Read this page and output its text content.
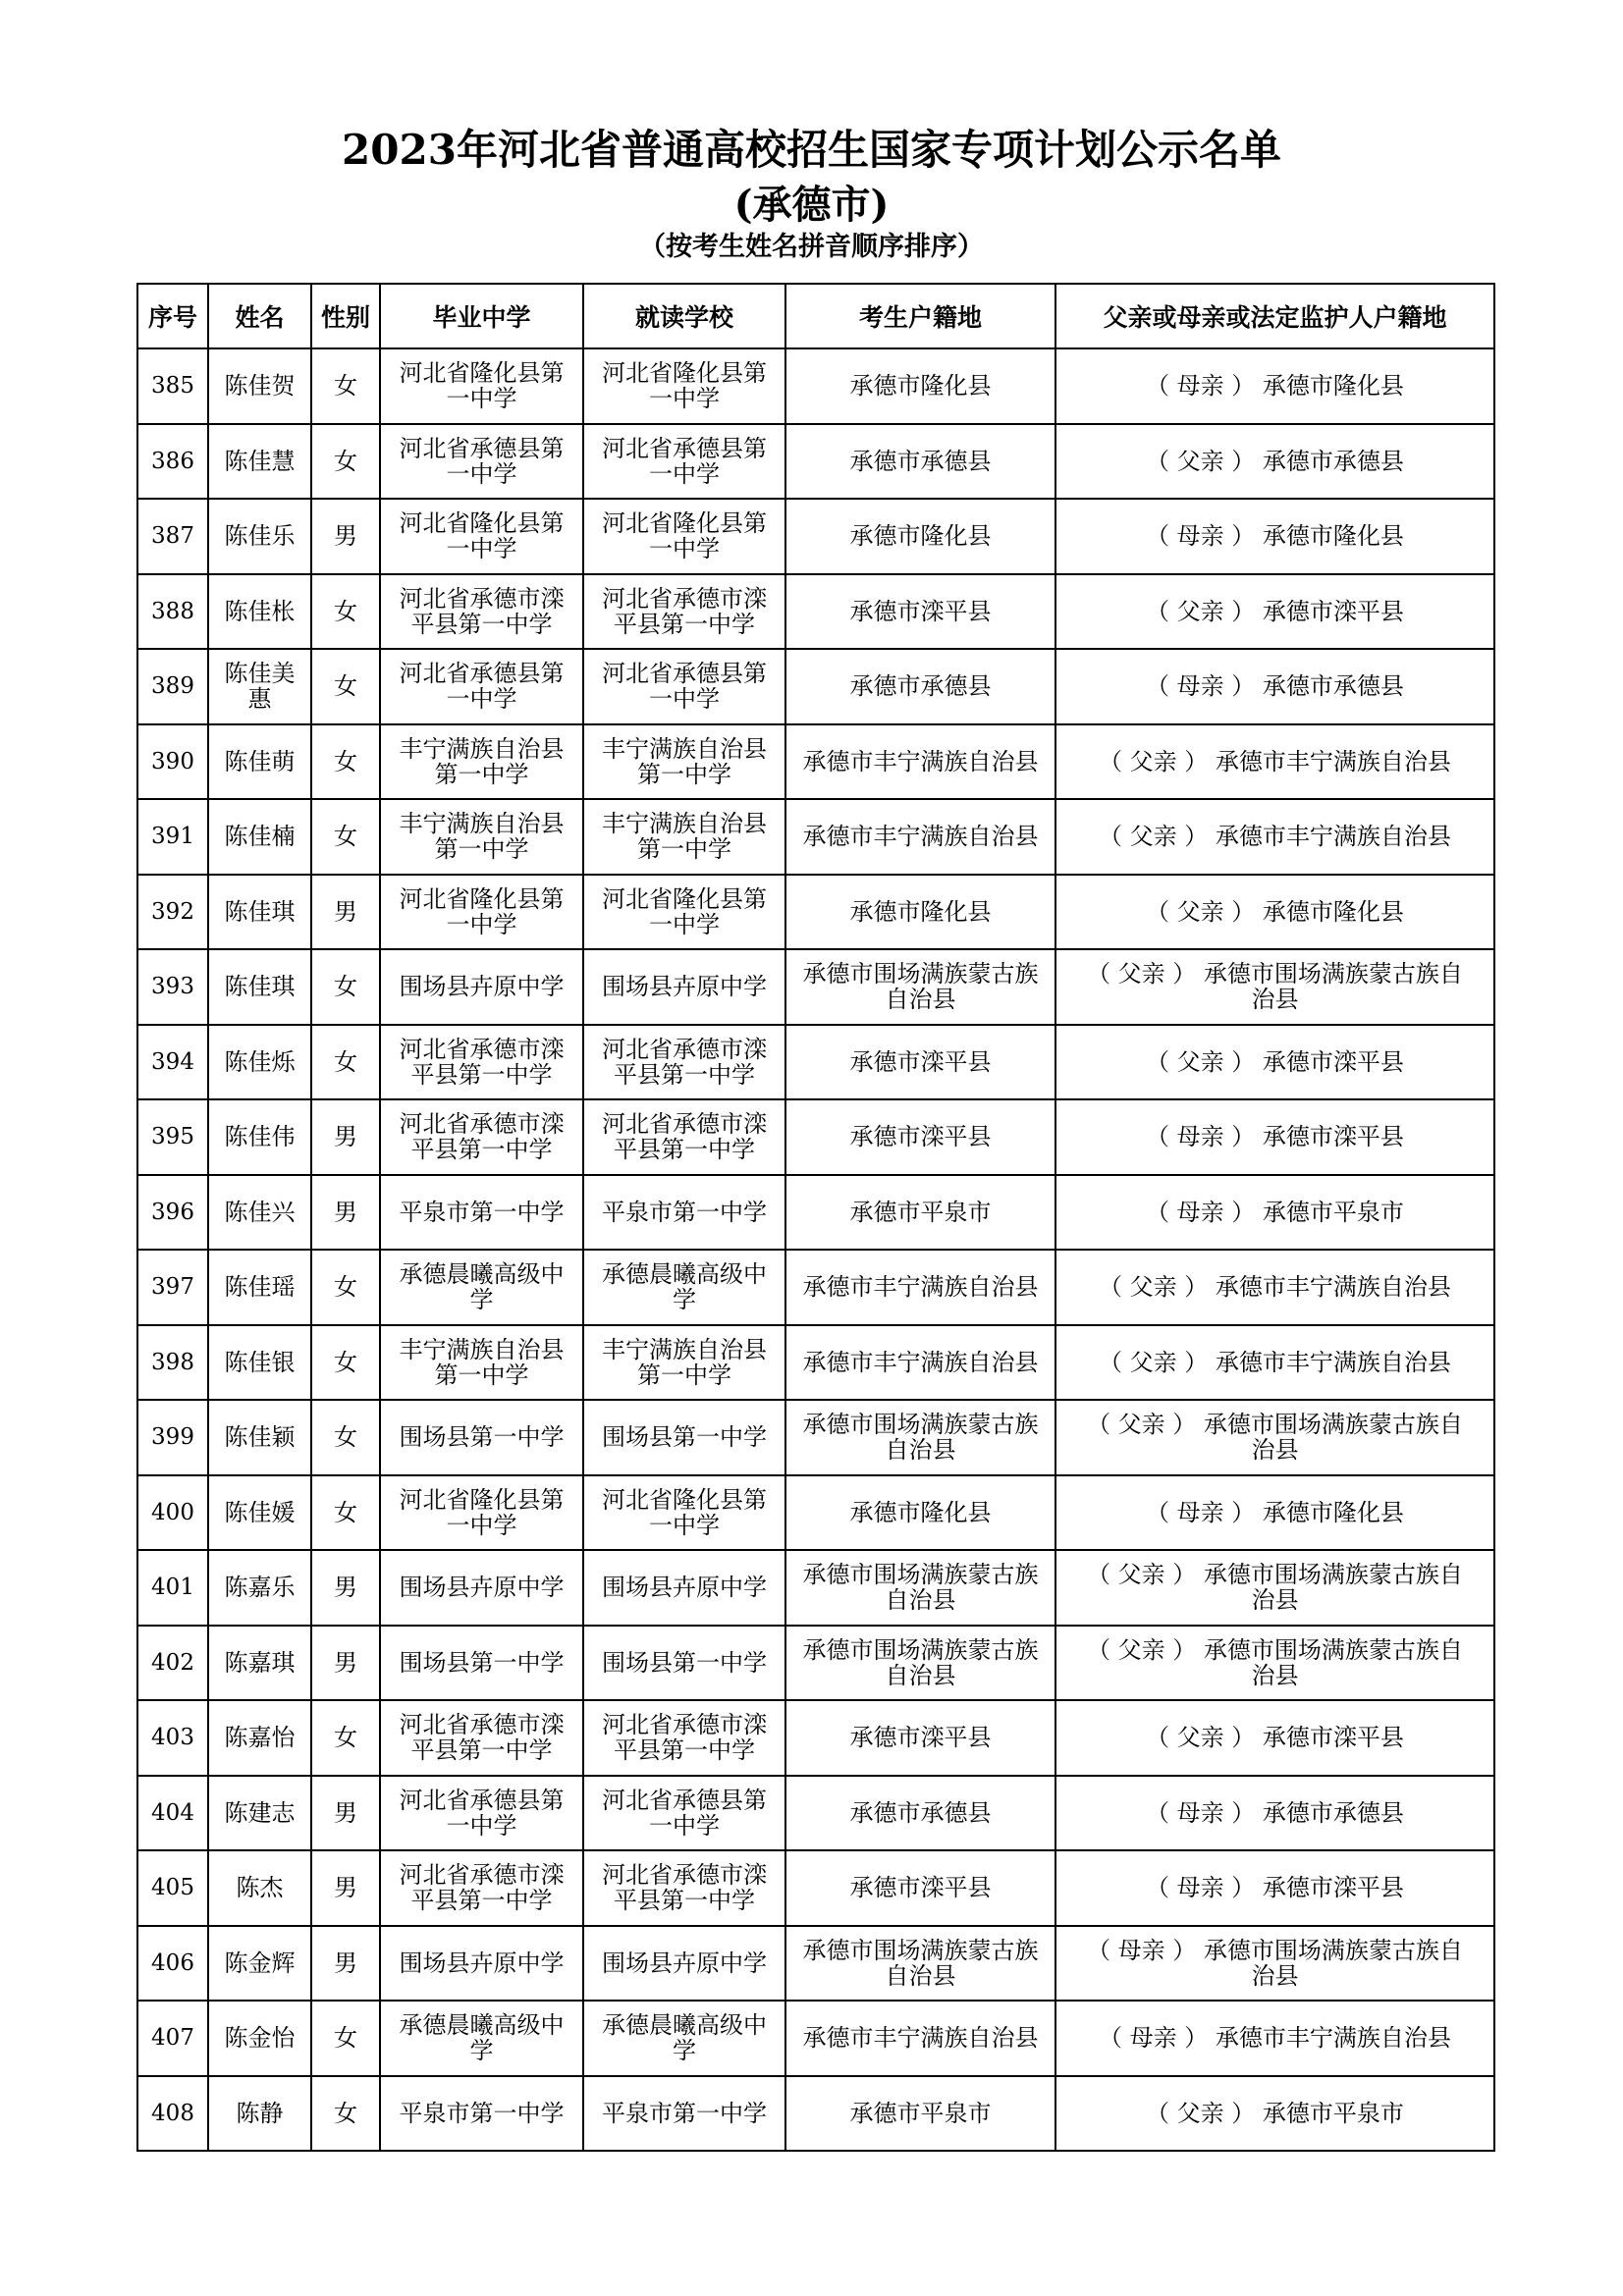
2023年河北省普通高校招生国家专项计划公示名单
(承德市)
（按考生姓名拼音顺序排序）
序号	姓名	性别	毕业中学	就读学校	考生户籍地	父亲或母亲或法定监护人户籍地
385	陈佳贺	女	河北省隆化县第一中学	河北省隆化县第一中学	承德市隆化县	（ 母亲 ） 承德市隆化县
386	陈佳慧	女	河北省承德县第一中学	河北省承德县第一中学	承德市承德县	（ 父亲 ） 承德市承德县
387	陈佳乐	男	河北省隆化县第一中学	河北省隆化县第一中学	承德市隆化县	（ 母亲 ） 承德市隆化县
388	陈佳枨	女	河北省承德市滦平县第一中学	河北省承德市滦平县第一中学	承德市滦平县	（ 父亲 ） 承德市滦平县
389	陈佳美惠	女	河北省承德县第一中学	河北省承德县第一中学	承德市承德县	（ 母亲 ） 承德市承德县
390	陈佳萌	女	丰宁满族自治县第一中学	丰宁满族自治县第一中学	承德市丰宁满族自治县	（ 父亲 ） 承德市丰宁满族自治县
391	陈佳楠	女	丰宁满族自治县第一中学	丰宁满族自治县第一中学	承德市丰宁满族自治县	（ 父亲 ） 承德市丰宁满族自治县
392	陈佳琪	男	河北省隆化县第一中学	河北省隆化县第一中学	承德市隆化县	（ 父亲 ） 承德市隆化县
393	陈佳琪	女	围场县卉原中学	围场县卉原中学	承德市围场满族蒙古族自治县	（ 父亲 ） 承德市围场满族蒙古族自治县
394	陈佳烁	女	河北省承德市滦平县第一中学	河北省承德市滦平县第一中学	承德市滦平县	（ 父亲 ） 承德市滦平县
395	陈佳伟	男	河北省承德市滦平县第一中学	河北省承德市滦平县第一中学	承德市滦平县	（ 母亲 ） 承德市滦平县
396	陈佳兴	男	平泉市第一中学	平泉市第一中学	承德市平泉市	（ 母亲 ） 承德市平泉市
397	陈佳瑶	女	承德晨曦高级中学	承德晨曦高级中学	承德市丰宁满族自治县	（ 父亲 ） 承德市丰宁满族自治县
398	陈佳银	女	丰宁满族自治县第一中学	丰宁满族自治县第一中学	承德市丰宁满族自治县	（ 父亲 ） 承德市丰宁满族自治县
399	陈佳颖	女	围场县第一中学	围场县第一中学	承德市围场满族蒙古族自治县	（ 父亲 ） 承德市围场满族蒙古族自治县
400	陈佳媛	女	河北省隆化县第一中学	河北省隆化县第一中学	承德市隆化县	（ 母亲 ） 承德市隆化县
401	陈嘉乐	男	围场县卉原中学	围场县卉原中学	承德市围场满族蒙古族自治县	（ 父亲 ） 承德市围场满族蒙古族自治县
402	陈嘉琪	男	围场县第一中学	围场县第一中学	承德市围场满族蒙古族自治县	（ 父亲 ） 承德市围场满族蒙古族自治县
403	陈嘉怡	女	河北省承德市滦平县第一中学	河北省承德市滦平县第一中学	承德市滦平县	（ 父亲 ） 承德市滦平县
404	陈建志	男	河北省承德县第一中学	河北省承德县第一中学	承德市承德县	（ 母亲 ） 承德市承德县
405	陈杰	男	河北省承德市滦平县第一中学	河北省承德市滦平县第一中学	承德市滦平县	（ 母亲 ） 承德市滦平县
406	陈金辉	男	围场县卉原中学	围场县卉原中学	承德市围场满族蒙古族自治县	（ 母亲 ） 承德市围场满族蒙古族自治县
407	陈金怡	女	承德晨曦高级中学	承德晨曦高级中学	承德市丰宁满族自治县	（ 母亲 ） 承德市丰宁满族自治县
408	陈静	女	平泉市第一中学	平泉市第一中学	承德市平泉市	（ 父亲 ） 承德市平泉市
